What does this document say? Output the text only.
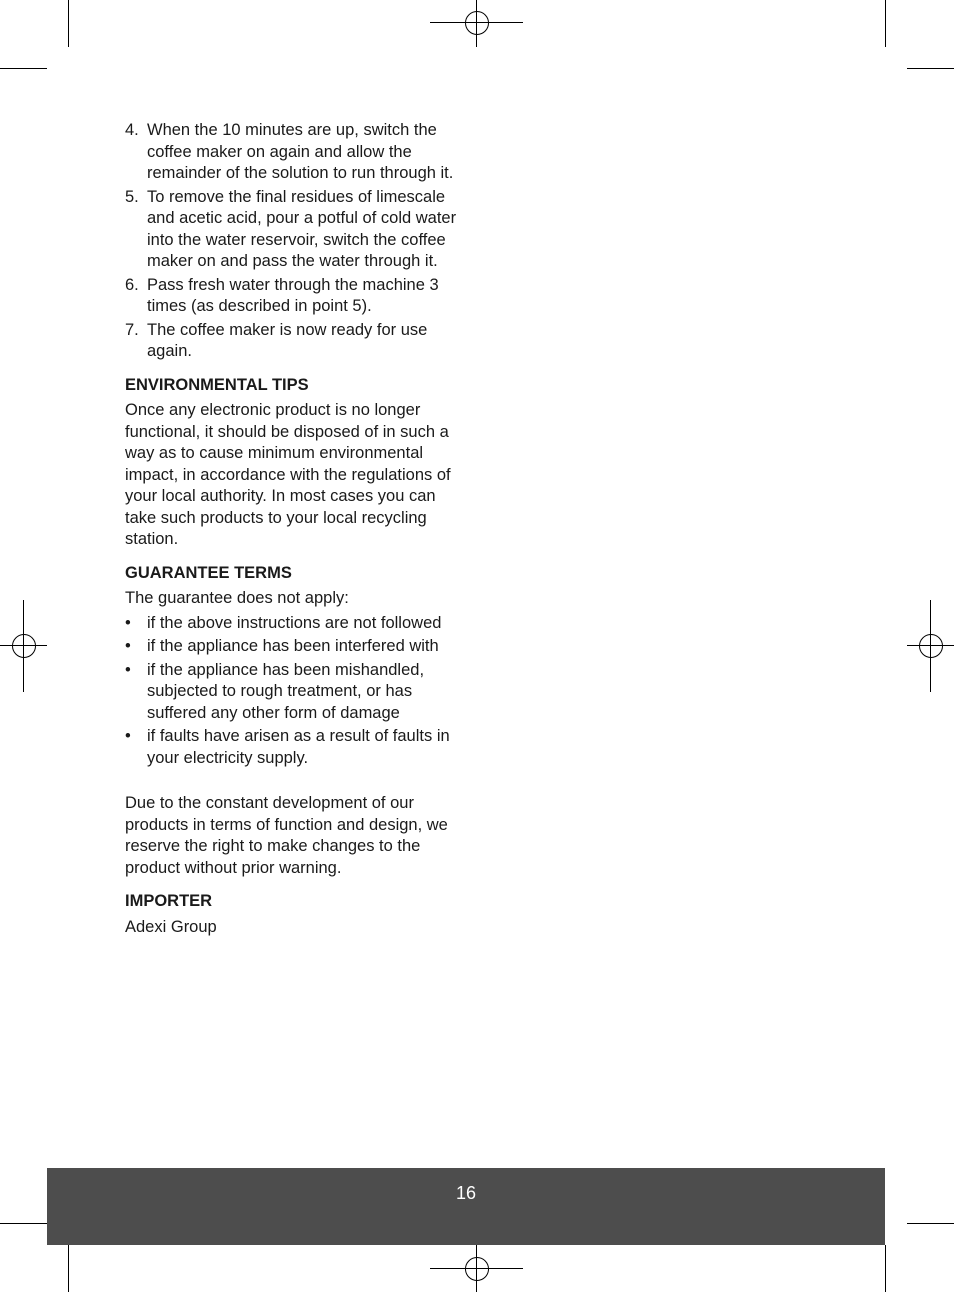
4. When the 10 minutes are up, switch the coffee maker on again and allow the remainder of the solution to run through it.
5. To remove the final residues of limescale and acetic acid, pour a potful of cold water into the water reservoir, switch the coffee maker on and pass the water through it.
6. Pass fresh water through the machine 3 times (as described in point 5).
7. The coffee maker is now ready for use again.
ENVIRONMENTAL TIPS

Once any electronic product is no longer functional, it should be disposed of in such a way as to cause minimum environmental impact, in accordance with the regulations of your local authority. In most cases you can take such products to your local recycling station.

GUARANTEE TERMS

The guarantee does not apply:

• if the above instructions are not followed
• if the appliance has been interfered with
• if the appliance has been mishandled, subjected to rough treatment, or has suffered any other form of damage
• if faults have arisen as a result of faults in your electricity supply.

Due to the constant development of our products in terms of function and design, we reserve the right to make changes to the product without prior warning.

IMPORTER

Adexi Group

16
